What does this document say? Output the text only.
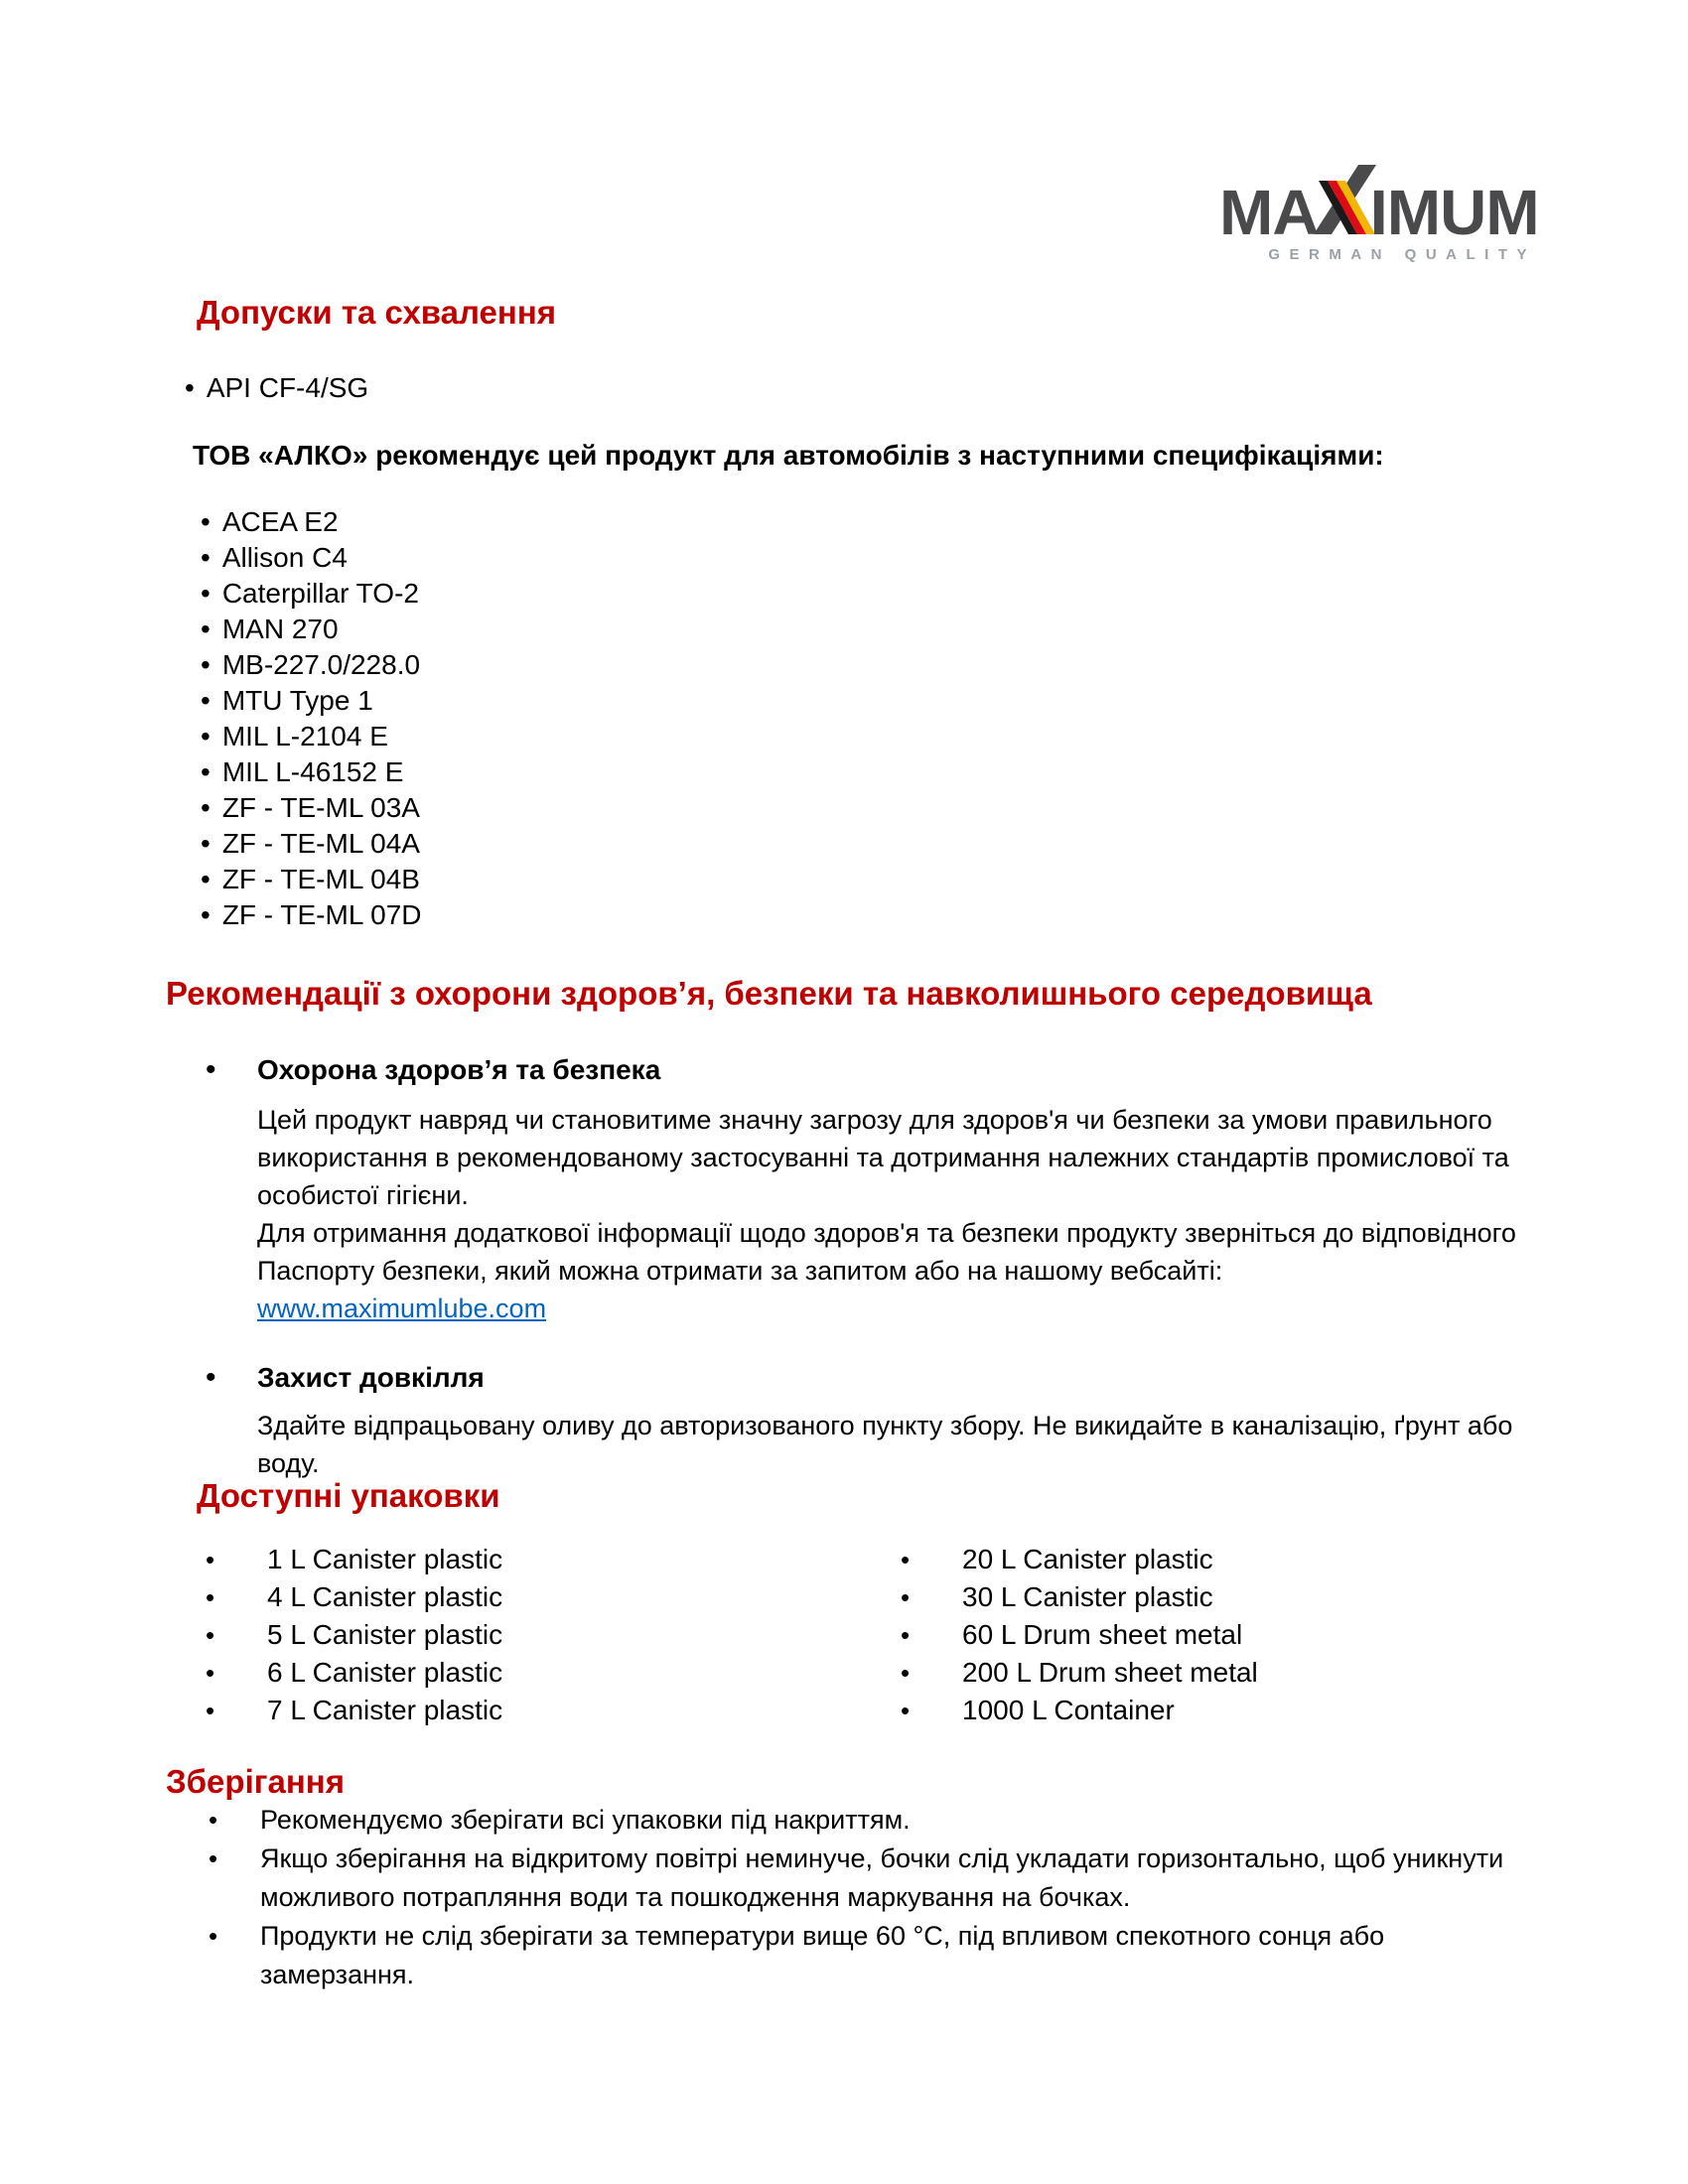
MA IMUM
GERMAN QUALITY
Допуски та схвалення
• API CF-4/SG
ТОВ «АЛКО» рекомендує цей продукт для автомобілів з наступними специфікаціями:
• ACEA E2
• Allison C4
• Caterpillar TO-2
• MAN 270
• MB-227.0/228.0
• MTU Type 1
• MIL L-2104 E
• MIL L-46152 E
• ZF - TE-ML 03A
• ZF - TE-ML 04A
• ZF - TE-ML 04B
• ZF - TE-ML 07D
Рекомендації з охорони здоров’я, безпеки та навколишнього середовища
•
Охорона здоров’я та безпека
Цей продукт навряд чи становитиме значну загрозу для здоров'я чи безпеки за умови правильного використання в рекомендованому застосуванні та дотримання належних стандартів промислової та особистої гігієни.
Для отримання додаткової інформації щодо здоров'я та безпеки продукту зверніться до відповідного Паспорту безпеки, який можна отримати за запитом або на нашому вебсайті:
www.maximumlube.com
•
Захист довкілля
Здайте відпрацьовану оливу до авторизованого пункту збору. Не викидайте в каналізацію, ґрунт або воду.
Доступні упаковки
•
1 L Canister plastic
•
4 L Canister plastic
•
5 L Canister plastic
•
6 L Canister plastic
•
7 L Canister plastic
•
20 L Canister plastic
•
30 L Canister plastic
•
60 L Drum sheet metal
•
200 L Drum sheet metal
•
1000 L Container
Зберігання
•
Рекомендуємо зберігати всі упаковки під накриттям.
•
Якщо зберігання на відкритому повітрі неминуче, бочки слід укладати горизонтально, щоб уникнути можливого потрапляння води та пошкодження маркування на бочках.
•
Продукти не слід зберігати за температури вище 60 °C, під впливом спекотного сонця або замерзання.
